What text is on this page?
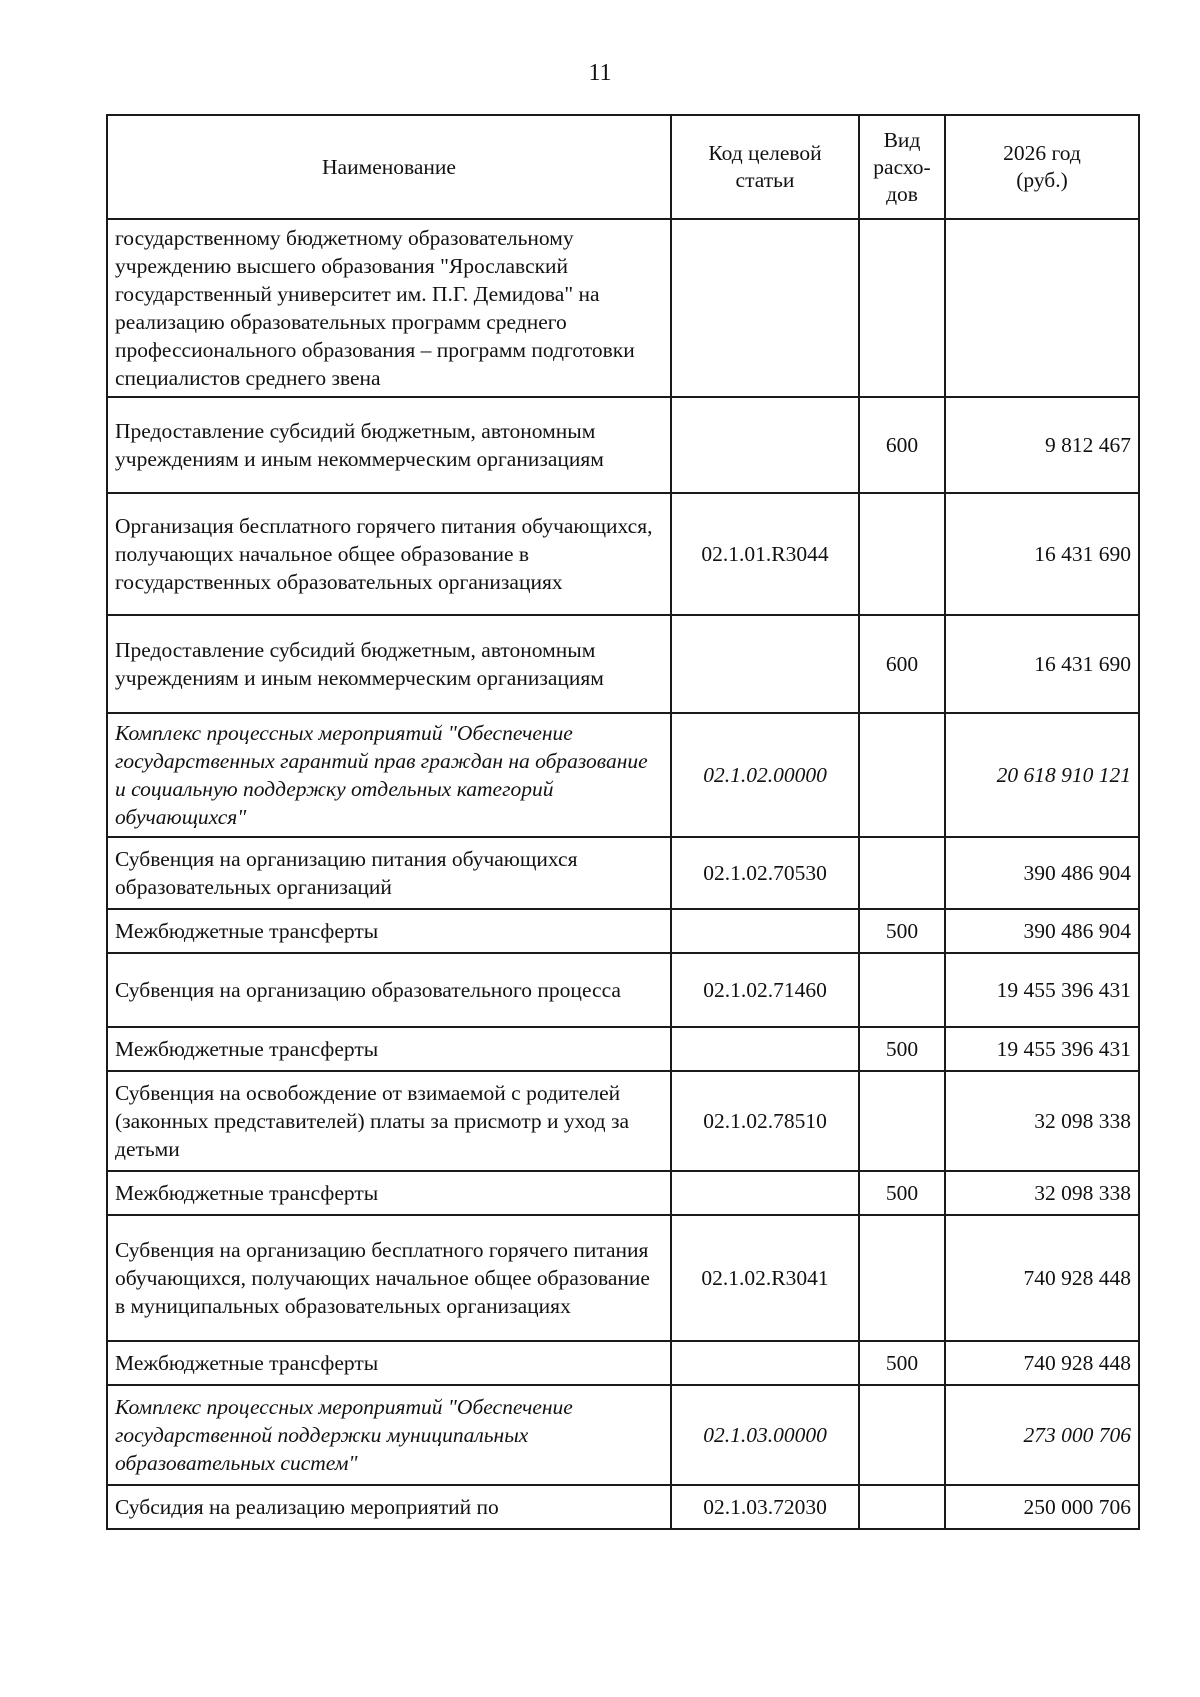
11
Наименование	Код целевой статьи	Вид расхо-дов	2026 год (руб.)
государственному бюджетному образовательному учреждению высшего образования "Ярославский государственный университет им. П.Г. Демидова" на реализацию образовательных программ среднего профессионального образования – программ подготовки специалистов среднего звена			
Предоставление субсидий бюджетным, автономным учреждениям и иным некоммерческим организациям		600	9 812 467
Организация бесплатного горячего питания обучающихся, получающих начальное общее образование в государственных образовательных организациях	02.1.01.R3044		16 431 690
Предоставление субсидий бюджетным, автономным учреждениям и иным некоммерческим организациям		600	16 431 690
Комплекс процессных мероприятий "Обеспечение государственных гарантий прав граждан на образование и социальную поддержку отдельных категорий обучающихся"	02.1.02.00000		20 618 910 121
Субвенция на организацию питания обучающихся образовательных организаций	02.1.02.70530		390 486 904
Межбюджетные трансферты		500	390 486 904
Субвенция на организацию образовательного процесса	02.1.02.71460		19 455 396 431
Межбюджетные трансферты		500	19 455 396 431
Субвенция на освобождение от взимаемой с родителей (законных представителей) платы за присмотр и уход за детьми	02.1.02.78510		32 098 338
Межбюджетные трансферты		500	32 098 338
Субвенция на организацию бесплатного горячего питания обучающихся, получающих начальное общее образование в муниципальных образовательных организациях	02.1.02.R3041		740 928 448
Межбюджетные трансферты		500	740 928 448
Комплекс процессных мероприятий "Обеспечение государственной поддержки муниципальных образовательных систем"	02.1.03.00000		273 000 706
Субсидия на реализацию мероприятий по	02.1.03.72030		250 000 706
